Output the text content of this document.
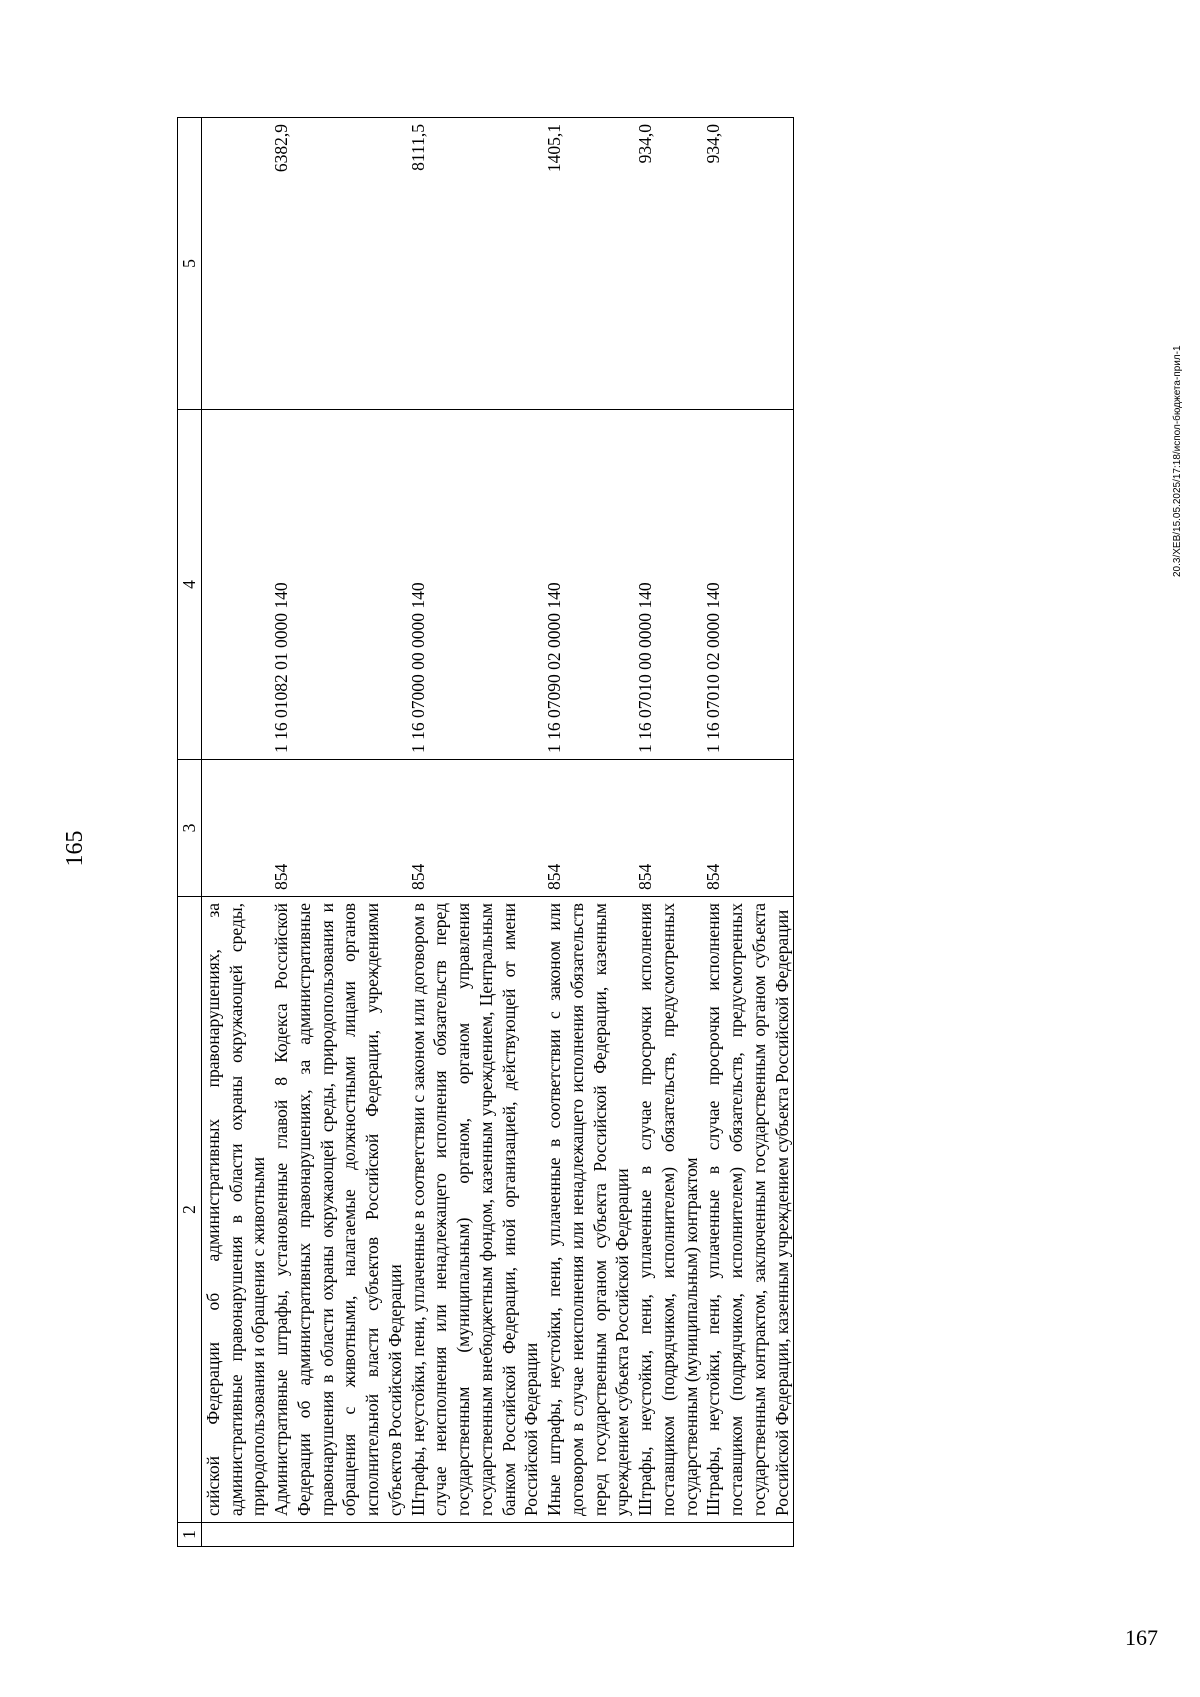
165
1	2	3	4	5
	сийской Федерации об административных правонарушениях, за административные правонарушения в области охраны окружающей среды, природопользования и обращения с животными			
	Административные штрафы, установленные главой 8 Кодекса Российской Федерации об административных правонарушениях, за административные правонарушения в области охраны окружающей среды, природопользования и обращения с животными, налагаемые должностными лицами органов исполнительной власти субъектов Российской Федерации, учреждениями субъектов Российской Федерации	854	1 16 01082 01 0000 140	6382,9
	Штрафы, неустойки, пени, уплаченные в соответствии с законом или договором в случае неисполнения или ненадлежащего исполнения обязательств перед государственным (муниципальным) органом, органом управления государственным внебюджетным фондом, казенным учреждением, Центральным банком Российской Федерации, иной организацией, действующей от имени Российской Федерации	854	1 16 07000 00 0000 140	8111,5
	Иные штрафы, неустойки, пени, уплаченные в соответствии с законом или договором в случае неисполнения или ненадлежащего исполнения обязательств перед государственным органом субъекта Российской Федерации, казенным учреждением субъекта Российской Федерации	854	1 16 07090 02 0000 140	1405,1
	Штрафы, неустойки, пени, уплаченные в случае просрочки исполнения поставщиком (подрядчиком, исполнителем) обязательств, предусмотренных государственным (муниципальным) контрактом	854	1 16 07010 00 0000 140	934,0
	Штрафы, неустойки, пени, уплаченные в случае просрочки исполнения поставщиком (подрядчиком, исполнителем) обязательств, предусмотренных государственным контрактом, заключенным государственным органом субъекта Российской Федерации, казенным учреждением субъекта Российской Федерации	854	1 16 07010 02 0000 140	934,0
20.3/XEB/15.05.2025/17:18/испол-бюджета-прил-1
167
